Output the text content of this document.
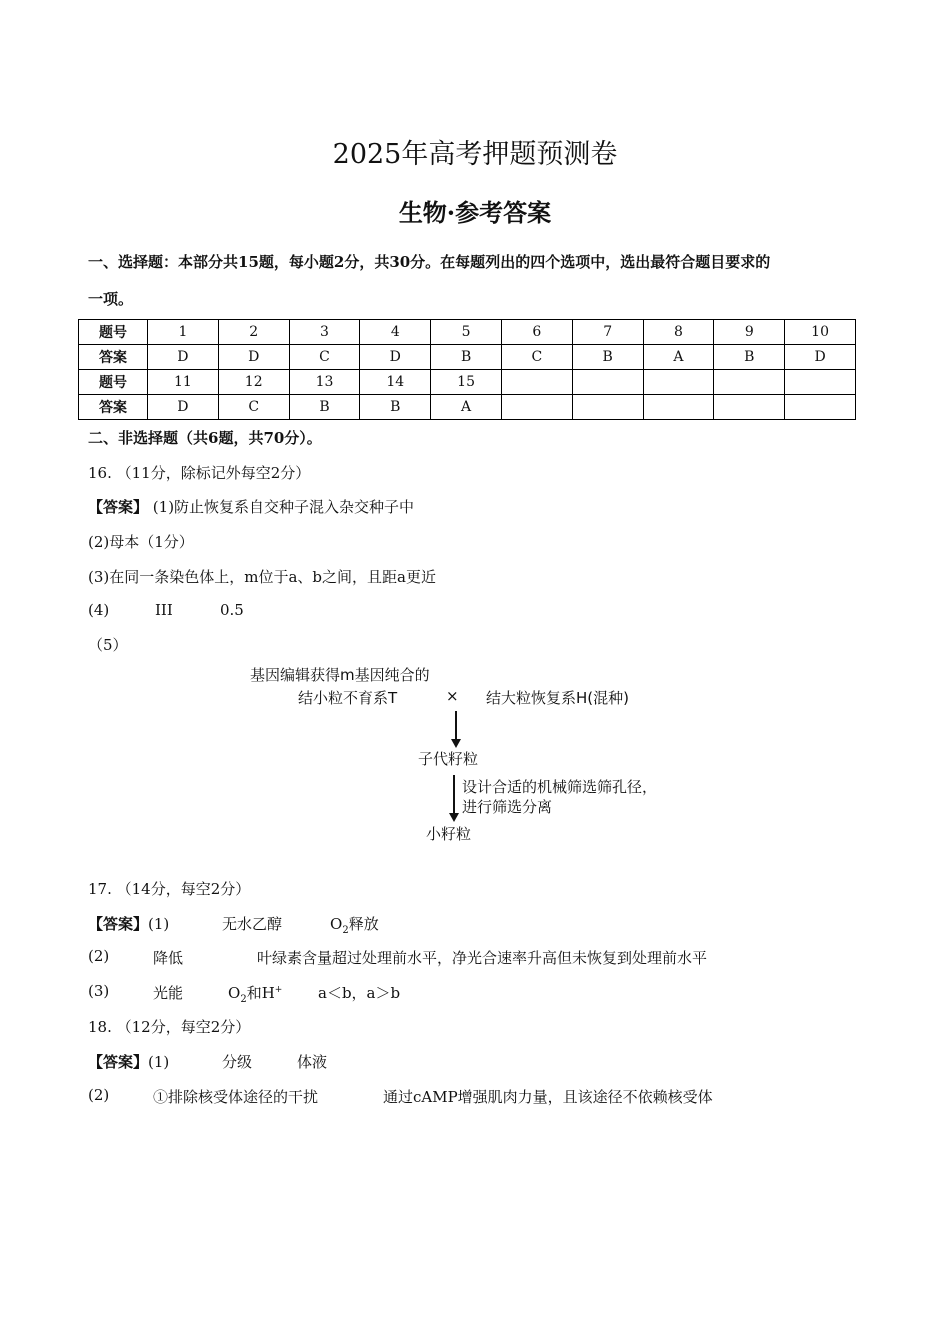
2025年高考押题预测卷
生物·参考答案
一、选择题：本部分共15题，每小题2分，共30分。在每题列出的四个选项中，选出最符合题目要求的
一项。
题号	1	2	3	4	5	6	7	8	9	10
答案	D	D	C	D	B	C	B	A	B	D
题号	11	12	13	14	15					
答案	D	C	B	B	A					
二、非选择题（共6题，共70分）。
16. （11分，除标记外每空2分）
【答案】 (1)防止恢复系自交种子混入杂交种子中
(2)母本（1分）
(3)在同一条染色体上，m位于a、b之间，且距a更近
(4)	III	0.5
（5）
基因编辑获得m基因纯合的
结小粒不育系T	× 结大粒恢复系H(混种)
子代籽粒
设计合适的机械筛选筛孔径，
进行筛选分离
小籽粒
17. （14分，每空2分）
【答案】(1)	无水乙醇	$O_2$释放
(2)	降低	叶绿素含量超过处理前水平，净光合速率升高但未恢复到处理前水平
(3)	光能	$O_2$和H+ a＜b，a＞b
18. （12分，每空2分）
【答案】(1)	分级	体液
(2)	①排除核受体途径的干扰	通过cAMP增强肌肉力量，且该途径不依赖核受体
